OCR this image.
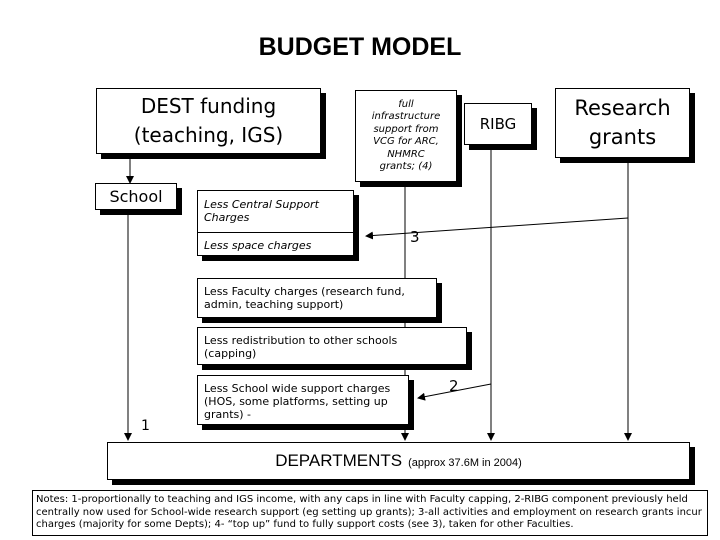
BUDGET MODEL
DEST funding
(teaching, IGS)
full
infrastructure
support from
VCG for ARC,
NHMRC
grants; (4)
RIBG
Research
grants
School	Less Central Support
Charges
Less space charges
Less Faculty charges (research fund,
admin, teaching support)
Less redistribution to other schools
(capping)
Less School wide support charges
(HOS, some platforms, setting up
grants) -
3
2
1
DEPARTMENTS (approx 37.6M in 2004)
Notes: 1-proportionally to teaching and IGS income, with any caps in line with Faculty capping, 2-RIBG component previously held centrally now used for School-wide research support (eg setting up grants); 3-all activities and employment on research grants incur charges (majority for some Depts); 4- “top up” fund to fully support costs (see 3), taken for other Faculties.
